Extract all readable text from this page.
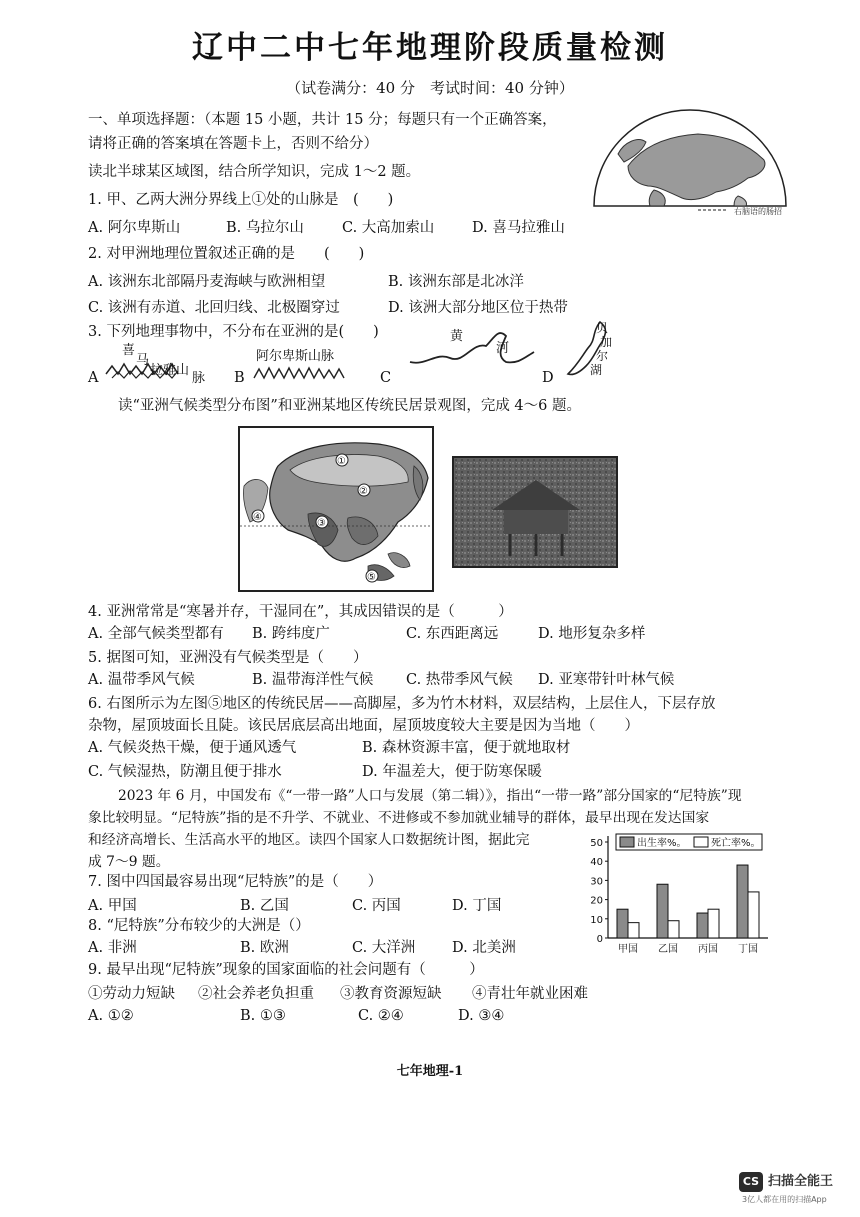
辽中二中七年地理阶段质量检测
（试卷满分：40 分　考试时间：40 分钟）
一、单项选择题：（本题 15 小题，共计 15 分；每题只有一个正确答案，
请将正确的答案填在答题卡上，否则不给分）
右脑语的肠招
读北半球某区域图，结合所学知识，完成 1～2 题。
1. 甲、乙两大洲分界线上①处的山脉是　(　　)
A. 阿尔卑斯山	B. 乌拉尔山	C. 大高加索山	D. 喜马拉雅山
2. 对甲洲地理位置叙述正确的是　　(　　)
A. 该洲东北部隔丹麦海峡与欧洲相望	B. 该洲东部是北冰洋
C. 该洲有赤道、北回归线、北极圈穿过	D. 该洲大部分地区位于热带
3. 下列地理事物中，不分布在亚洲的是(　　)
A
喜
马
拉雅山
脉 B
阿尔卑斯山脉
C
黄
河
D
贝
加
尔
湖
读“亚洲气候类型分布图”和亚洲某地区传统民居景观图，完成 4～6 题。
①
②
③
④
⑤
4. 亚洲常常是“寒暑并存，干湿同在”，其成因错误的是（　　　）
A. 全部气候类型都有 B. 跨纬度广	C. 东西距离远	D. 地形复杂多样
5. 据图可知，亚洲没有气候类型是（　　）
A. 温带季风气候	B. 温带海洋性气候 C. 热带季风气候 D. 亚寒带针叶林气候
6. 右图所示为左图⑤地区的传统民居——高脚屋，多为竹木材料，双层结构，上层住人，下层存放
杂物，屋顶坡面长且陡。该民居底层高出地面，屋顶坡度较大主要是因为当地（　　）
A. 气候炎热干燥，便于通风透气	B. 森林资源丰富，便于就地取材
C. 气候湿热，防潮且便于排水	D. 年温差大，便于防寒保暖
2023 年 6 月，中国发布《“一带一路”人口与发展（第二辑）》，指出“一带一路”部分国家的“尼特族”现
象比较明显。“尼特族”指的是不升学、不就业、不进修或不参加就业辅导的群体，最早出现在发达国家
和经济高增长、生活高水平的地区。读四个国家人口数据统计图，据此完
成 7～9 题。
7. 图中四国最容易出现“尼特族”的是（　　）
A. 甲国	B. 乙国	C. 丙国	D. 丁国
8. “尼特族”分布较少的大洲是（）
A. 非洲	B. 欧洲	C. 大洋洲	D. 北美洲
9. 最早出现“尼特族”现象的国家面临的社会问题有（　　　）
①劳动力短缺 ②社会养老负担重 ③教育资源短缺 ④青壮年就业困难
A. ①②	B. ①③	C. ②④	D. ③④
0
10
20
30
40
50	出生率%。 死亡率%。
甲国 乙国 丙国 丁国
七年地理-1
CS 扫描全能王
3亿人都在用的扫描App
